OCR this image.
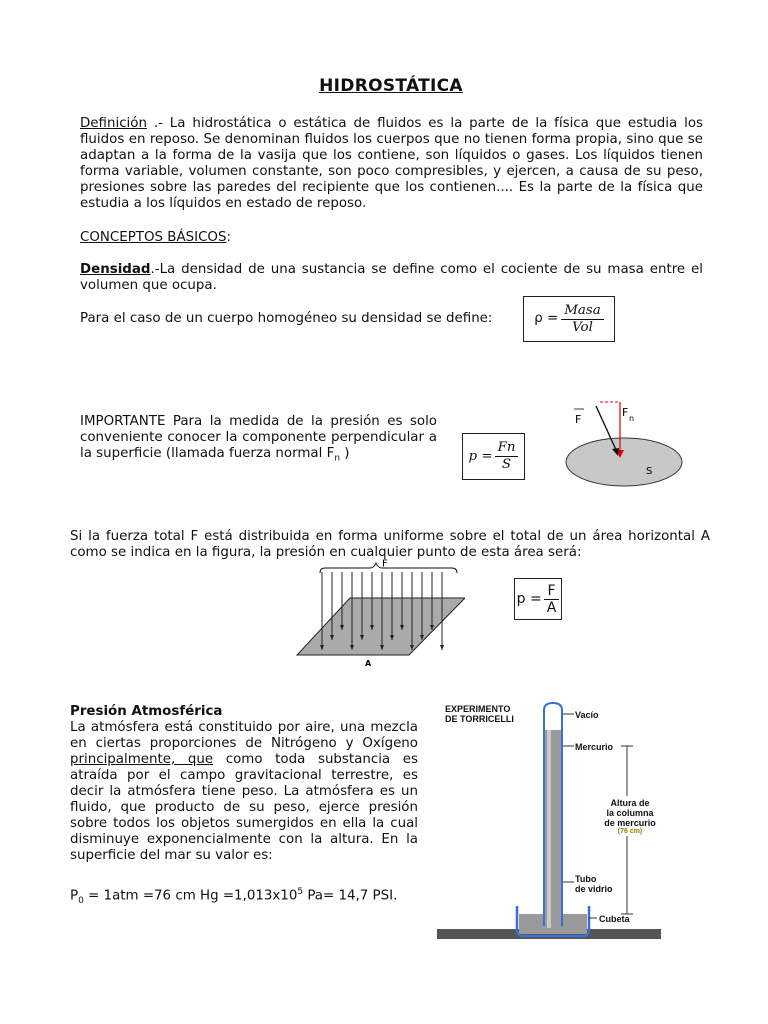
HIDROSTÁTICA
Definición .- La hidrostática o estática de fluidos es la parte de la física que estudia los fluidos en reposo. Se denominan fluidos los cuerpos que no tienen forma propia, sino que se adaptan a la forma de la vasija que los contiene, son líquidos o gases. Los líquidos tienen forma variable, volumen constante, son poco compresibles, y ejercen, a causa de su peso, presiones sobre las paredes del recipiente que los contienen.... Es la parte de la física que estudia a los líquidos en estado de reposo.
CONCEPTOS BÁSICOS:
Densidad.-La densidad de una sustancia se define como el cociente de su masa entre el volumen que ocupa.
Para el caso de un cuerpo homogéneo su densidad se define:	$\rho = \frac{\text{Masa}}{\text{Vol}}$
IMPORTANTE Para la medida de la presión es solo conveniente conocer la componente perpendicular a la superficie (llamada fuerza normal $F_n$ )	$p = \frac{Fn}{S}$
F
F n
S
Si la fuerza total F está distribuida en forma uniforme sobre el total de un área horizontal A como se indica en la figura, la presión en cualquier punto de esta área será:
F
A
$p = \frac{F}{A}$
Presión Atmosférica
La atmósfera está constituido por aire, una mezcla en ciertas proporciones de Nitrógeno y Oxígeno principalmente, que como toda substancia es atraída por el campo gravitacional terrestre, es decir la atmósfera tiene peso. La atmósfera es un fluido, que producto de su peso, ejerce presión sobre todos los objetos sumergidos en ella la cual disminuye exponencialmente con la altura. En la superficie del mar su valor es:
$P_0 = 1atm =76$ cm $Hg =1,013x10^5$ Pa= 14,7 PSI.
EXPERIMENTO
DE TORRICELLI	Vacío
Mercurio
Altura de
la columna
de mercurio
(76 cm)
Tubo
de vidrio
Cubeta
